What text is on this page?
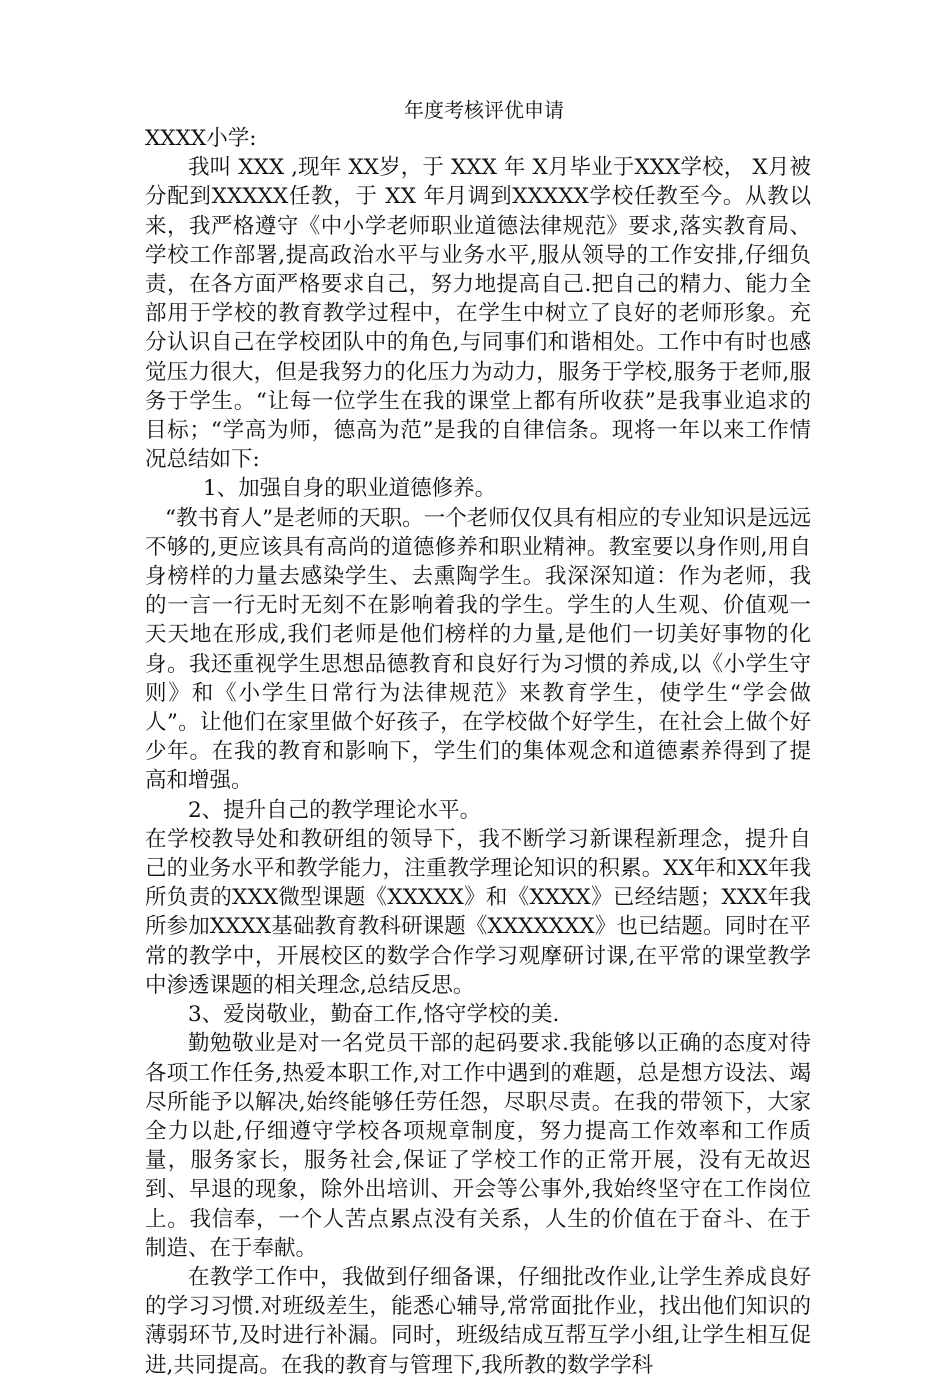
年度考核评优申请

XXXX小学:

我叫 XXX ,现年 XX岁，于 XXX 年 X月毕业于XXX学校， X月被分配到XXXXX任教，于 XX 年月调到XXXXX学校任教至今。从教以来，我严格遵守《中小学老师职业道德法律规范》要求,落实教育局、学校工作部署,提高政治水平与业务水平,服从领导的工作安排,仔细负责，在各方面严格要求自己，努力地提高自己.把自己的精力、能力全部用于学校的教育教学过程中，在学生中树立了良好的老师形象。充分认识自己在学校团队中的角色,与同事们和谐相处。工作中有时也感觉压力很大，但是我努力的化压力为动力，服务于学校,服务于老师,服务于学生。“让每一位学生在我的课堂上都有所收获”是我事业追求的目标；“学高为师，德高为范”是我的自律信条。现将一年以来工作情况总结如下:

1、加强自身的职业道德修养。

“教书育人”是老师的天职。一个老师仅仅具有相应的专业知识是远远不够的,更应该具有高尚的道德修养和职业精神。教室要以身作则,用自身榜样的力量去感染学生、去熏陶学生。我深深知道：作为老师，我的一言一行无时无刻不在影响着我的学生。学生的人生观、价值观一天天地在形成,我们老师是他们榜样的力量,是他们一切美好事物的化身。我还重视学生思想品德教育和良好行为习惯的养成,以《小学生守则》和《小学生日常行为法律规范》来教育学生，使学生“学会做人”。让他们在家里做个好孩子，在学校做个好学生，在社会上做个好少年。在我的教育和影响下，学生们的集体观念和道德素养得到了提高和增强。

2、提升自己的教学理论水平。

在学校教导处和教研组的领导下，我不断学习新课程新理念，提升自己的业务水平和教学能力，注重教学理论知识的积累。XX年和XX年我所负责的XXX微型课题《XXXXX》和《XXXX》已经结题；XXX年我所参加XXXX基础教育教科研课题《XXXXXXX》也已结题。同时在平常的教学中，开展校区的数学合作学习观摩研讨课,在平常的课堂教学中渗透课题的相关理念,总结反思。

3、爱岗敬业，勤奋工作,恪守学校的美.

勤勉敬业是对一名党员干部的起码要求.我能够以正确的态度对待各项工作任务,热爱本职工作,对工作中遇到的难题，总是想方设法、竭尽所能予以解决,始终能够任劳任怨，尽职尽责。在我的带领下，大家全力以赴,仔细遵守学校各项规章制度，努力提高工作效率和工作质量，服务家长，服务社会,保证了学校工作的正常开展，没有无故迟到、早退的现象，除外出培训、开会等公事外,我始终坚守在工作岗位上。我信奉，一个人苦点累点没有关系，人生的价值在于奋斗、在于制造、在于奉献。

在教学工作中，我做到仔细备课，仔细批改作业,让学生养成良好的学习习惯.对班级差生，能悉心辅导,常常面批作业，找出他们知识的薄弱环节,及时进行补漏。同时，班级结成互帮互学小组,让学生相互促进,共同提高。在我的教育与管理下,我所教的数学学科
